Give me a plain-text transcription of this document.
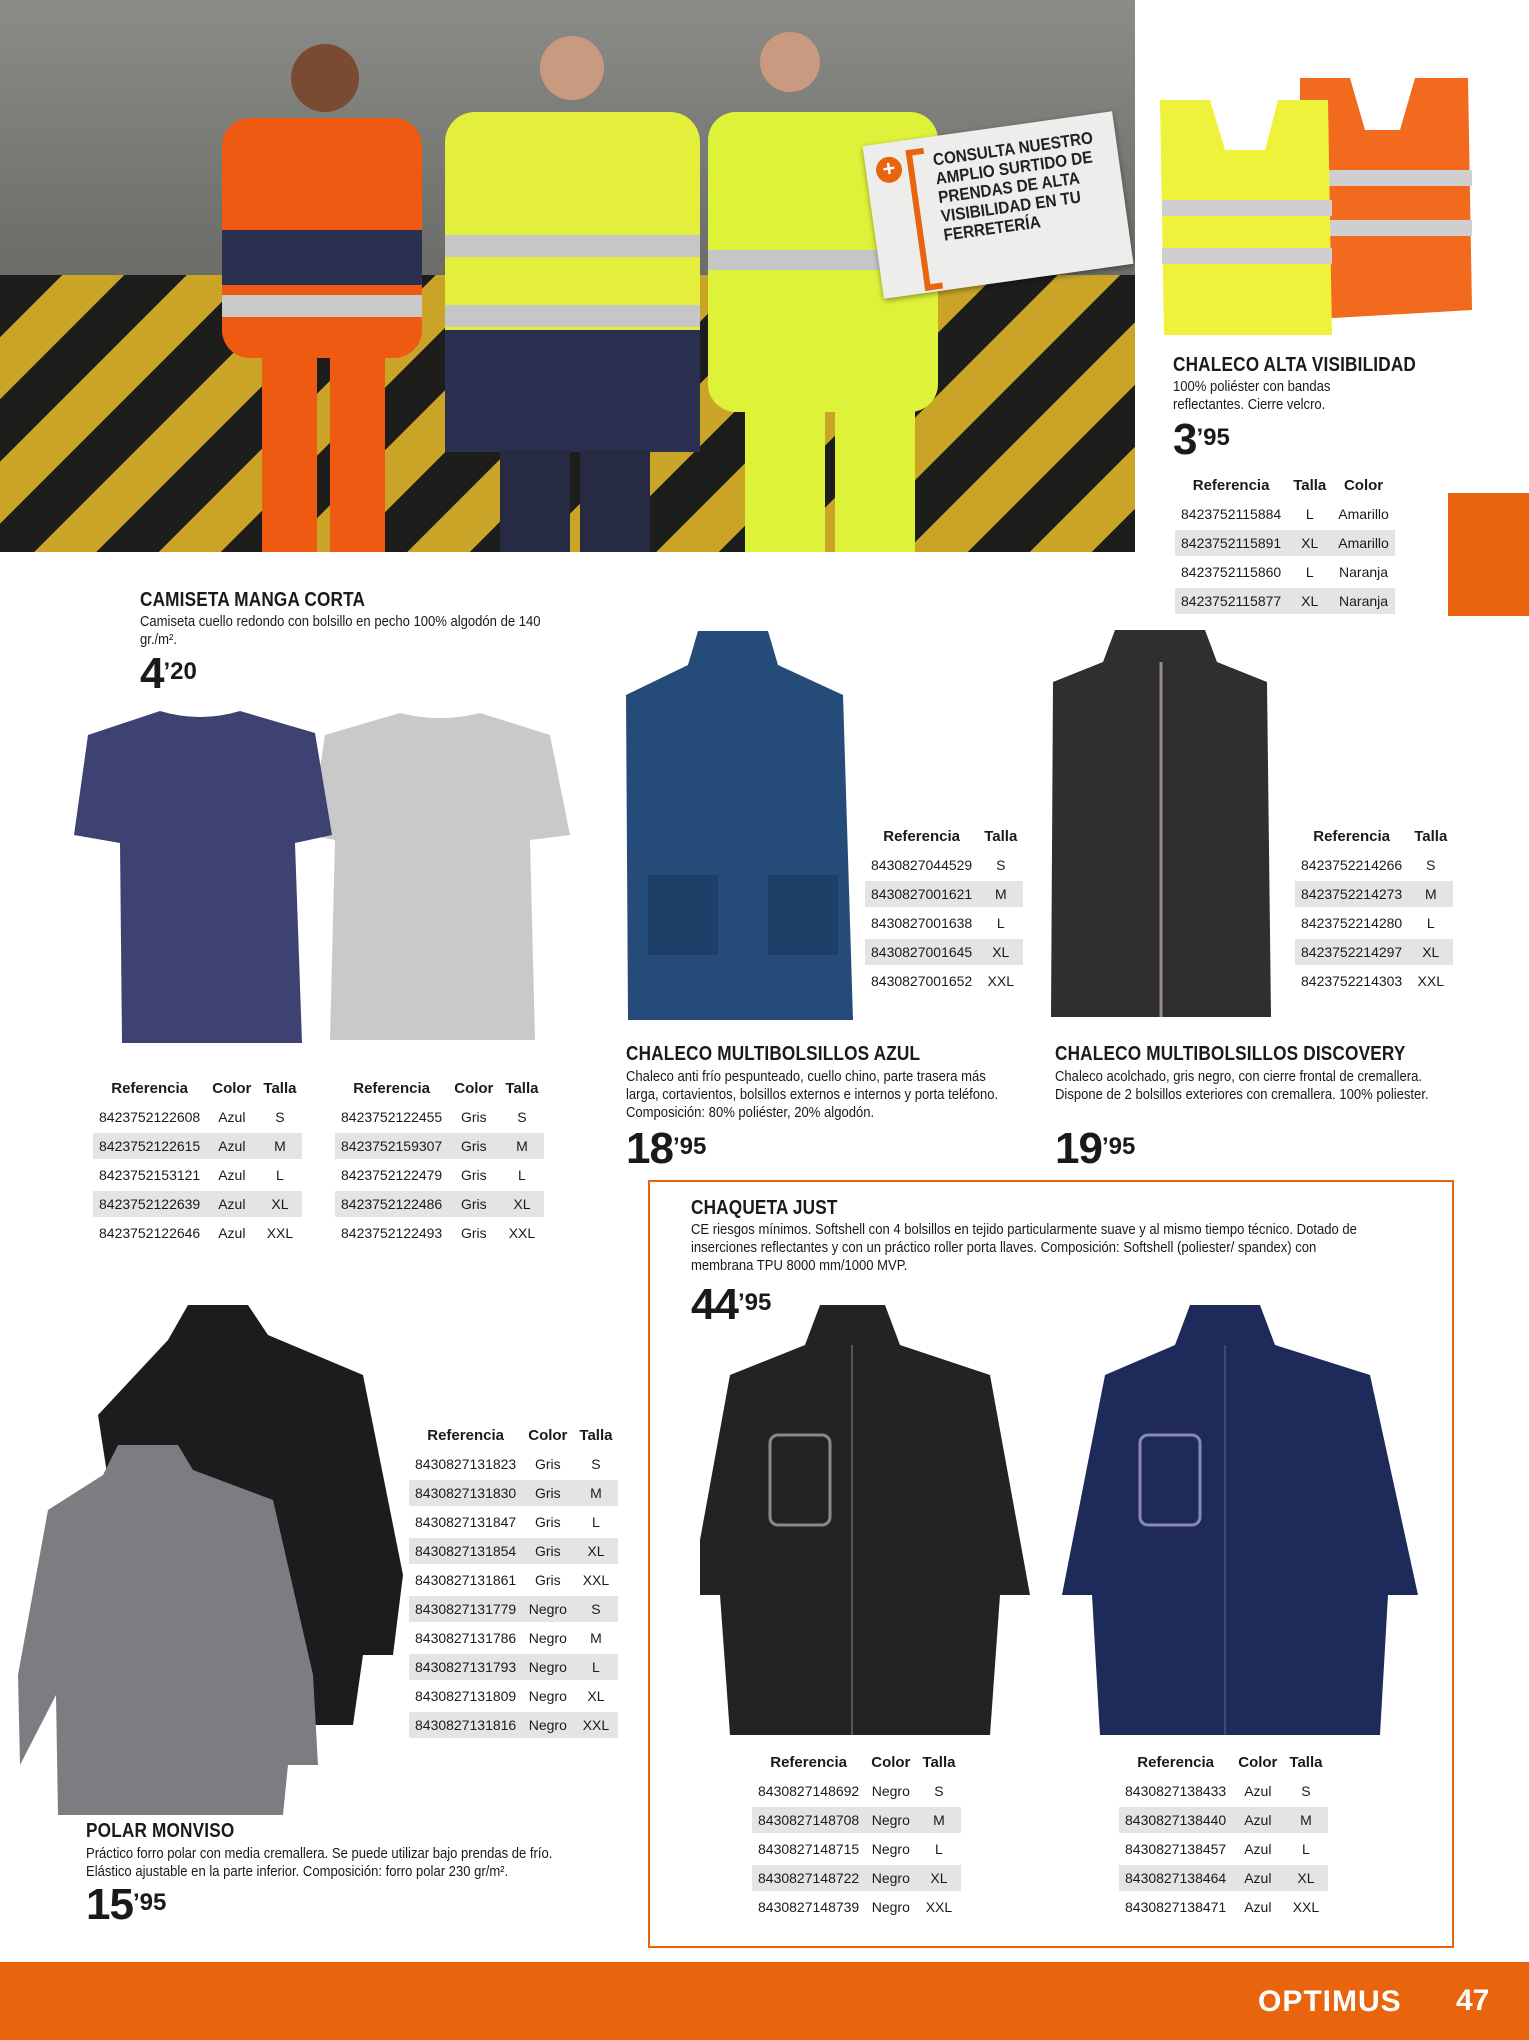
+	CONSULTA NUESTRO AMPLIO SURTIDO DE PRENDAS DE ALTA VISIBILIDAD EN TU FERRETERÍA
CHALECO ALTA VISIBILIDAD
100% poliéster con bandas reflectantes. Cierre velcro.
$3^{’95}$
Referencia	Talla	Color
8423752115884	L	Amarillo
8423752115891	XL	Amarillo
8423752115860	L	Naranja
8423752115877	XL	Naranja
CAMISETA MANGA CORTA
Camiseta cuello redondo con bolsillo en pecho 100% algodón de 140 gr./m².
$4^{’20}$
Referencia	Color	Talla
8423752122608	Azul	S
8423752122615	Azul	M
8423752153121	Azul	L
8423752122639	Azul	XL
8423752122646	Azul	XXL
Referencia	Color	Talla
8423752122455	Gris	S
8423752159307	Gris	M
8423752122479	Gris	L
8423752122486	Gris	XL
8423752122493	Gris	XXL
Referencia	Talla
8430827044529	S
8430827001621	M
8430827001638	L
8430827001645	XL
8430827001652	XXL
CHALECO MULTIBOLSILLOS AZUL
Chaleco anti frío pespunteado, cuello chino, parte trasera más larga, cortavientos, bolsillos externos e internos y porta teléfono. Composición: 80% poliéster, 20% algodón.
$18^{’95}$
Referencia	Talla
8423752214266	S
8423752214273	M
8423752214280	L
8423752214297	XL
8423752214303	XXL
CHALECO MULTIBOLSILLOS DISCOVERY
Chaleco acolchado, gris negro, con cierre frontal de cremallera. Dispone de 2 bolsillos exteriores con cremallera. 100% poliester.
$19^{’95}$
CHAQUETA JUST
CE riesgos mínimos. Softshell con 4 bolsillos en tejido particularmente suave y al mismo tiempo técnico. Dotado de inserciones reflectantes y con un práctico roller porta llaves. Composición: Softshell (poliester/ spandex) con membrana TPU 8000 mm/1000 MVP.
$44^{’95}$
Referencia	Color	Talla
8430827148692	Negro	S
8430827148708	Negro	M
8430827148715	Negro	L
8430827148722	Negro	XL
8430827148739	Negro	XXL
Referencia	Color	Talla
8430827138433	Azul	S
8430827138440	Azul	M
8430827138457	Azul	L
8430827138464	Azul	XL
8430827138471	Azul	XXL
Referencia	Color	Talla
8430827131823	Gris	S
8430827131830	Gris	M
8430827131847	Gris	L
8430827131854	Gris	XL
8430827131861	Gris	XXL
8430827131779	Negro	S
8430827131786	Negro	M
8430827131793	Negro	L
8430827131809	Negro	XL
8430827131816	Negro	XXL
POLAR MONVISO
Práctico forro polar con media cremallera. Se puede utilizar bajo prendas de frío. Elástico ajustable en la parte inferior. Composición: forro polar 230 gr/m².
$15^{’95}$
OPTIMUS 47
